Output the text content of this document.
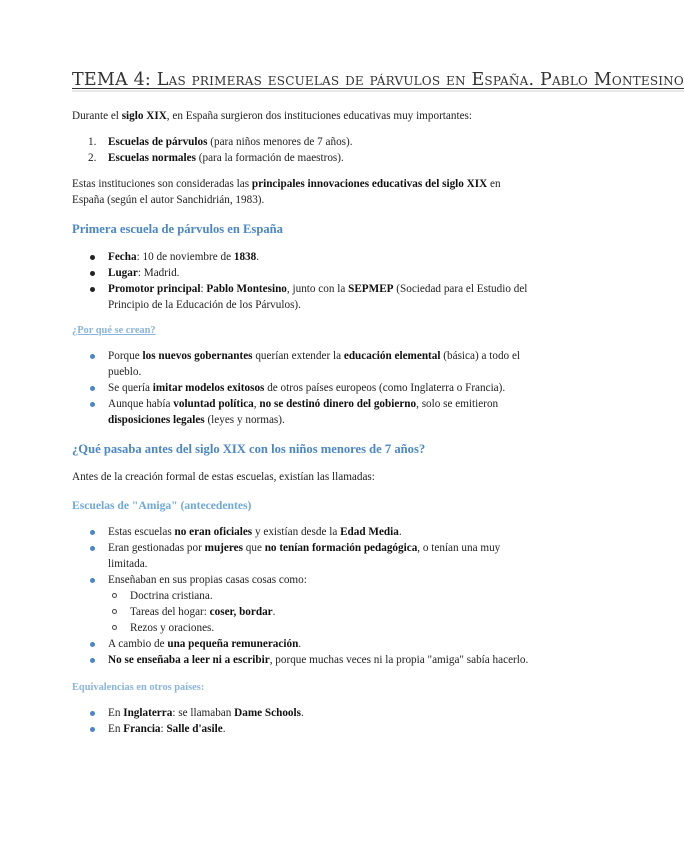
TEMA 4: Las primeras escuelas de párvulos en España. Pablo Montesino

Durante el siglo XIX, en España surgieron dos instituciones educativas muy importantes:

1. Escuelas de párvulos (para niños menores de 7 años).
2. Escuelas normales (para la formación de maestros).

Estas instituciones son consideradas las principales innovaciones educativas del siglo XIX en España (según el autor Sanchidrián, 1983).

Primera escuela de párvulos en España
Fecha: 10 de noviembre de 1838.
Lugar: Madrid.
Promotor principal: Pablo Montesino, junto con la SEPMEP (Sociedad para el Estudio del Principio de la Educación de los Párvulos).
¿Por qué se crean?
Porque los nuevos gobernantes querían extender la educación elemental (básica) a todo el pueblo.
Se quería imitar modelos exitosos de otros países europeos (como Inglaterra o Francia).
Aunque había voluntad política, no se destinó dinero del gobierno, solo se emitieron disposiciones legales (leyes y normas).
¿Qué pasaba antes del siglo XIX con los niños menores de 7 años?

Antes de la creación formal de estas escuelas, existían las llamadas:

Escuelas de "Amiga" (antecedentes)
Estas escuelas no eran oficiales y existían desde la Edad Media.
Eran gestionadas por mujeres que no tenían formación pedagógica, o tenían una muy limitada.
Enseñaban en sus propias casas cosas como:
Doctrina cristiana.
Tareas del hogar: coser, bordar.
Rezos y oraciones.
A cambio de una pequeña remuneración.
No se enseñaba a leer ni a escribir, porque muchas veces ni la propia "amiga" sabía hacerlo.
Equivalencias en otros países:
En Inglaterra: se llamaban Dame Schools.
En Francia: Salle d'asile.
